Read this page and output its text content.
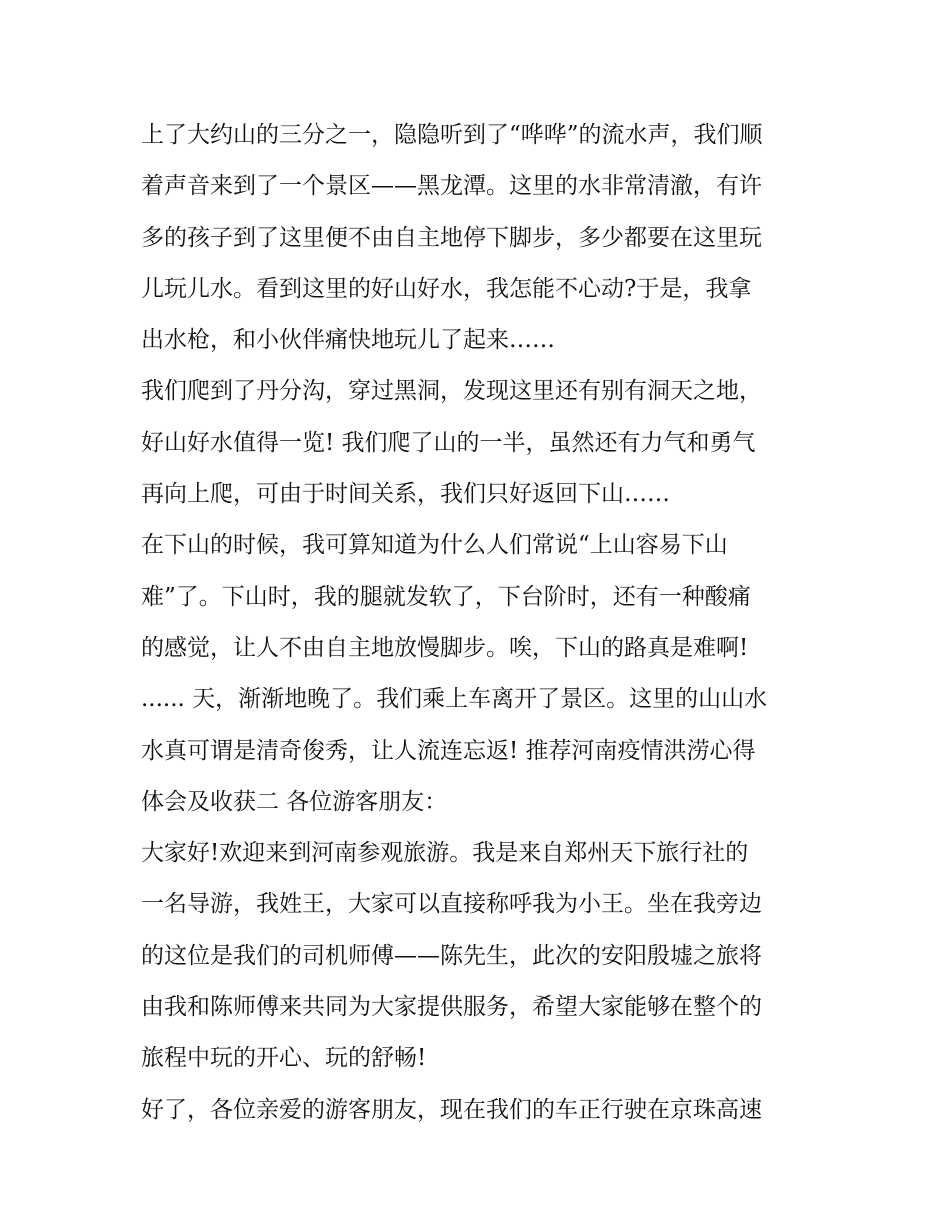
上了大约山的三分之一，隐隐听到了“哗哗”的流水声，我们顺
着声音来到了一个景区——黑龙潭。这里的水非常清澈，有许
多的孩子到了这里便不由自主地停下脚步，多少都要在这里玩
儿玩儿水。看到这里的好山好水，我怎能不心动?于是，我拿
出水枪，和小伙伴痛快地玩儿了起来……
我们爬到了丹分沟，穿过黑洞，发现这里还有别有洞天之地，
好山好水值得一览! 我们爬了山的一半，虽然还有力气和勇气
再向上爬，可由于时间关系，我们只好返回下山……
在下山的时候，我可算知道为什么人们常说“上山容易下山
难”了。下山时，我的腿就发软了，下台阶时，还有一种酸痛
的感觉，让人不由自主地放慢脚步。唉，下山的路真是难啊!
...... 天，渐渐地晚了。我们乘上车离开了景区。这里的山山水
水真可谓是清奇俊秀，让人流连忘返! 推荐河南疫情洪涝心得
体会及收获二 各位游客朋友：
大家好!欢迎来到河南参观旅游。我是来自郑州天下旅行社的
一名导游，我姓王，大家可以直接称呼我为小王。坐在我旁边
的这位是我们的司机师傅——陈先生，此次的安阳殷墟之旅将
由我和陈师傅来共同为大家提供服务，希望大家能够在整个的
旅程中玩的开心、玩的舒畅!
好了，各位亲爱的游客朋友，现在我们的车正行驶在京珠高速
